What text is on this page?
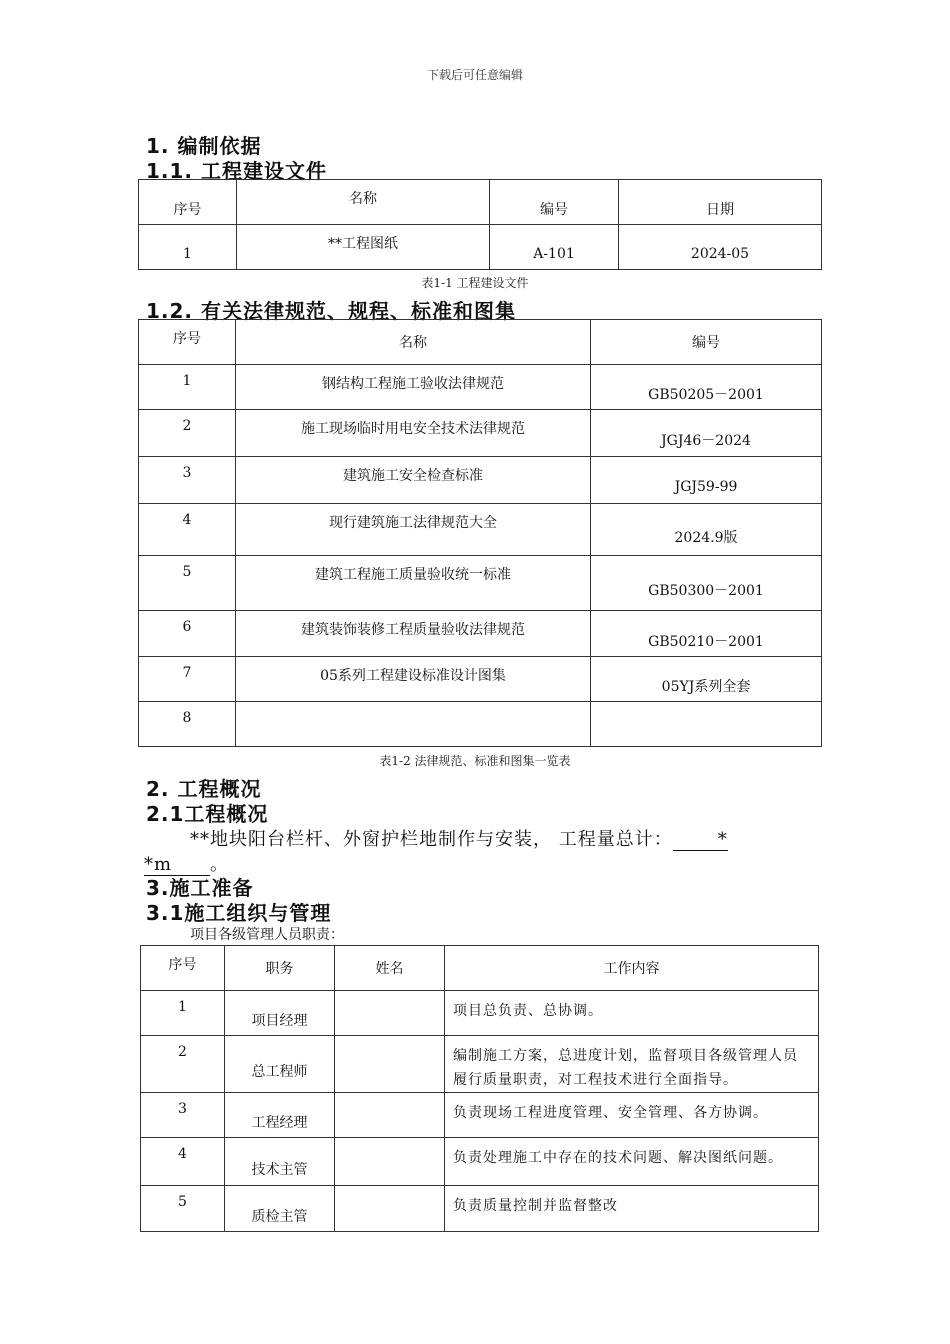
下载后可任意编辑
1. 编制依据
1.1. 工程建设文件
序号	名称	编号	日期
1	**工程图纸	A-101	2024-05
表1-1 工程建设文件
1.2. 有关法律规范、规程、标准和图集
序号	名称	编号
1	钢结构工程施工验收法律规范	GB50205－2001
2	施工现场临时用电安全技术法律规范	JGJ46－2024
3	建筑施工安全检查标准	JGJ59-99
4	现行建筑施工法律规范大全	2024.9版
5	建筑工程施工质量验收统一标准	GB50300－2001
6	建筑装饰装修工程质量验收法律规范	GB50210－2001
7	05系列工程建设标准设计图集	05YJ系列全套
8		
表1-2 法律规范、标准和图集一览表
2. 工程概况
2.1工程概况
**地块阳台栏杆、外窗护栏地制作与安装， 工程量总计：	*
*m 。
3.施工准备
3.1施工组织与管理
项目各级管理人员职责：
序号	职务	姓名	工作内容
1	项目经理		项目总负责、总协调。
2	总工程师		编制施工方案，总进度计划，监督项目各级管理人员履行质量职责，对工程技术进行全面指导。
3	工程经理		负责现场工程进度管理、安全管理、各方协调。
4	技术主管		负责处理施工中存在的技术问题、解决图纸问题。
5	质检主管		负责质量控制并监督整改
